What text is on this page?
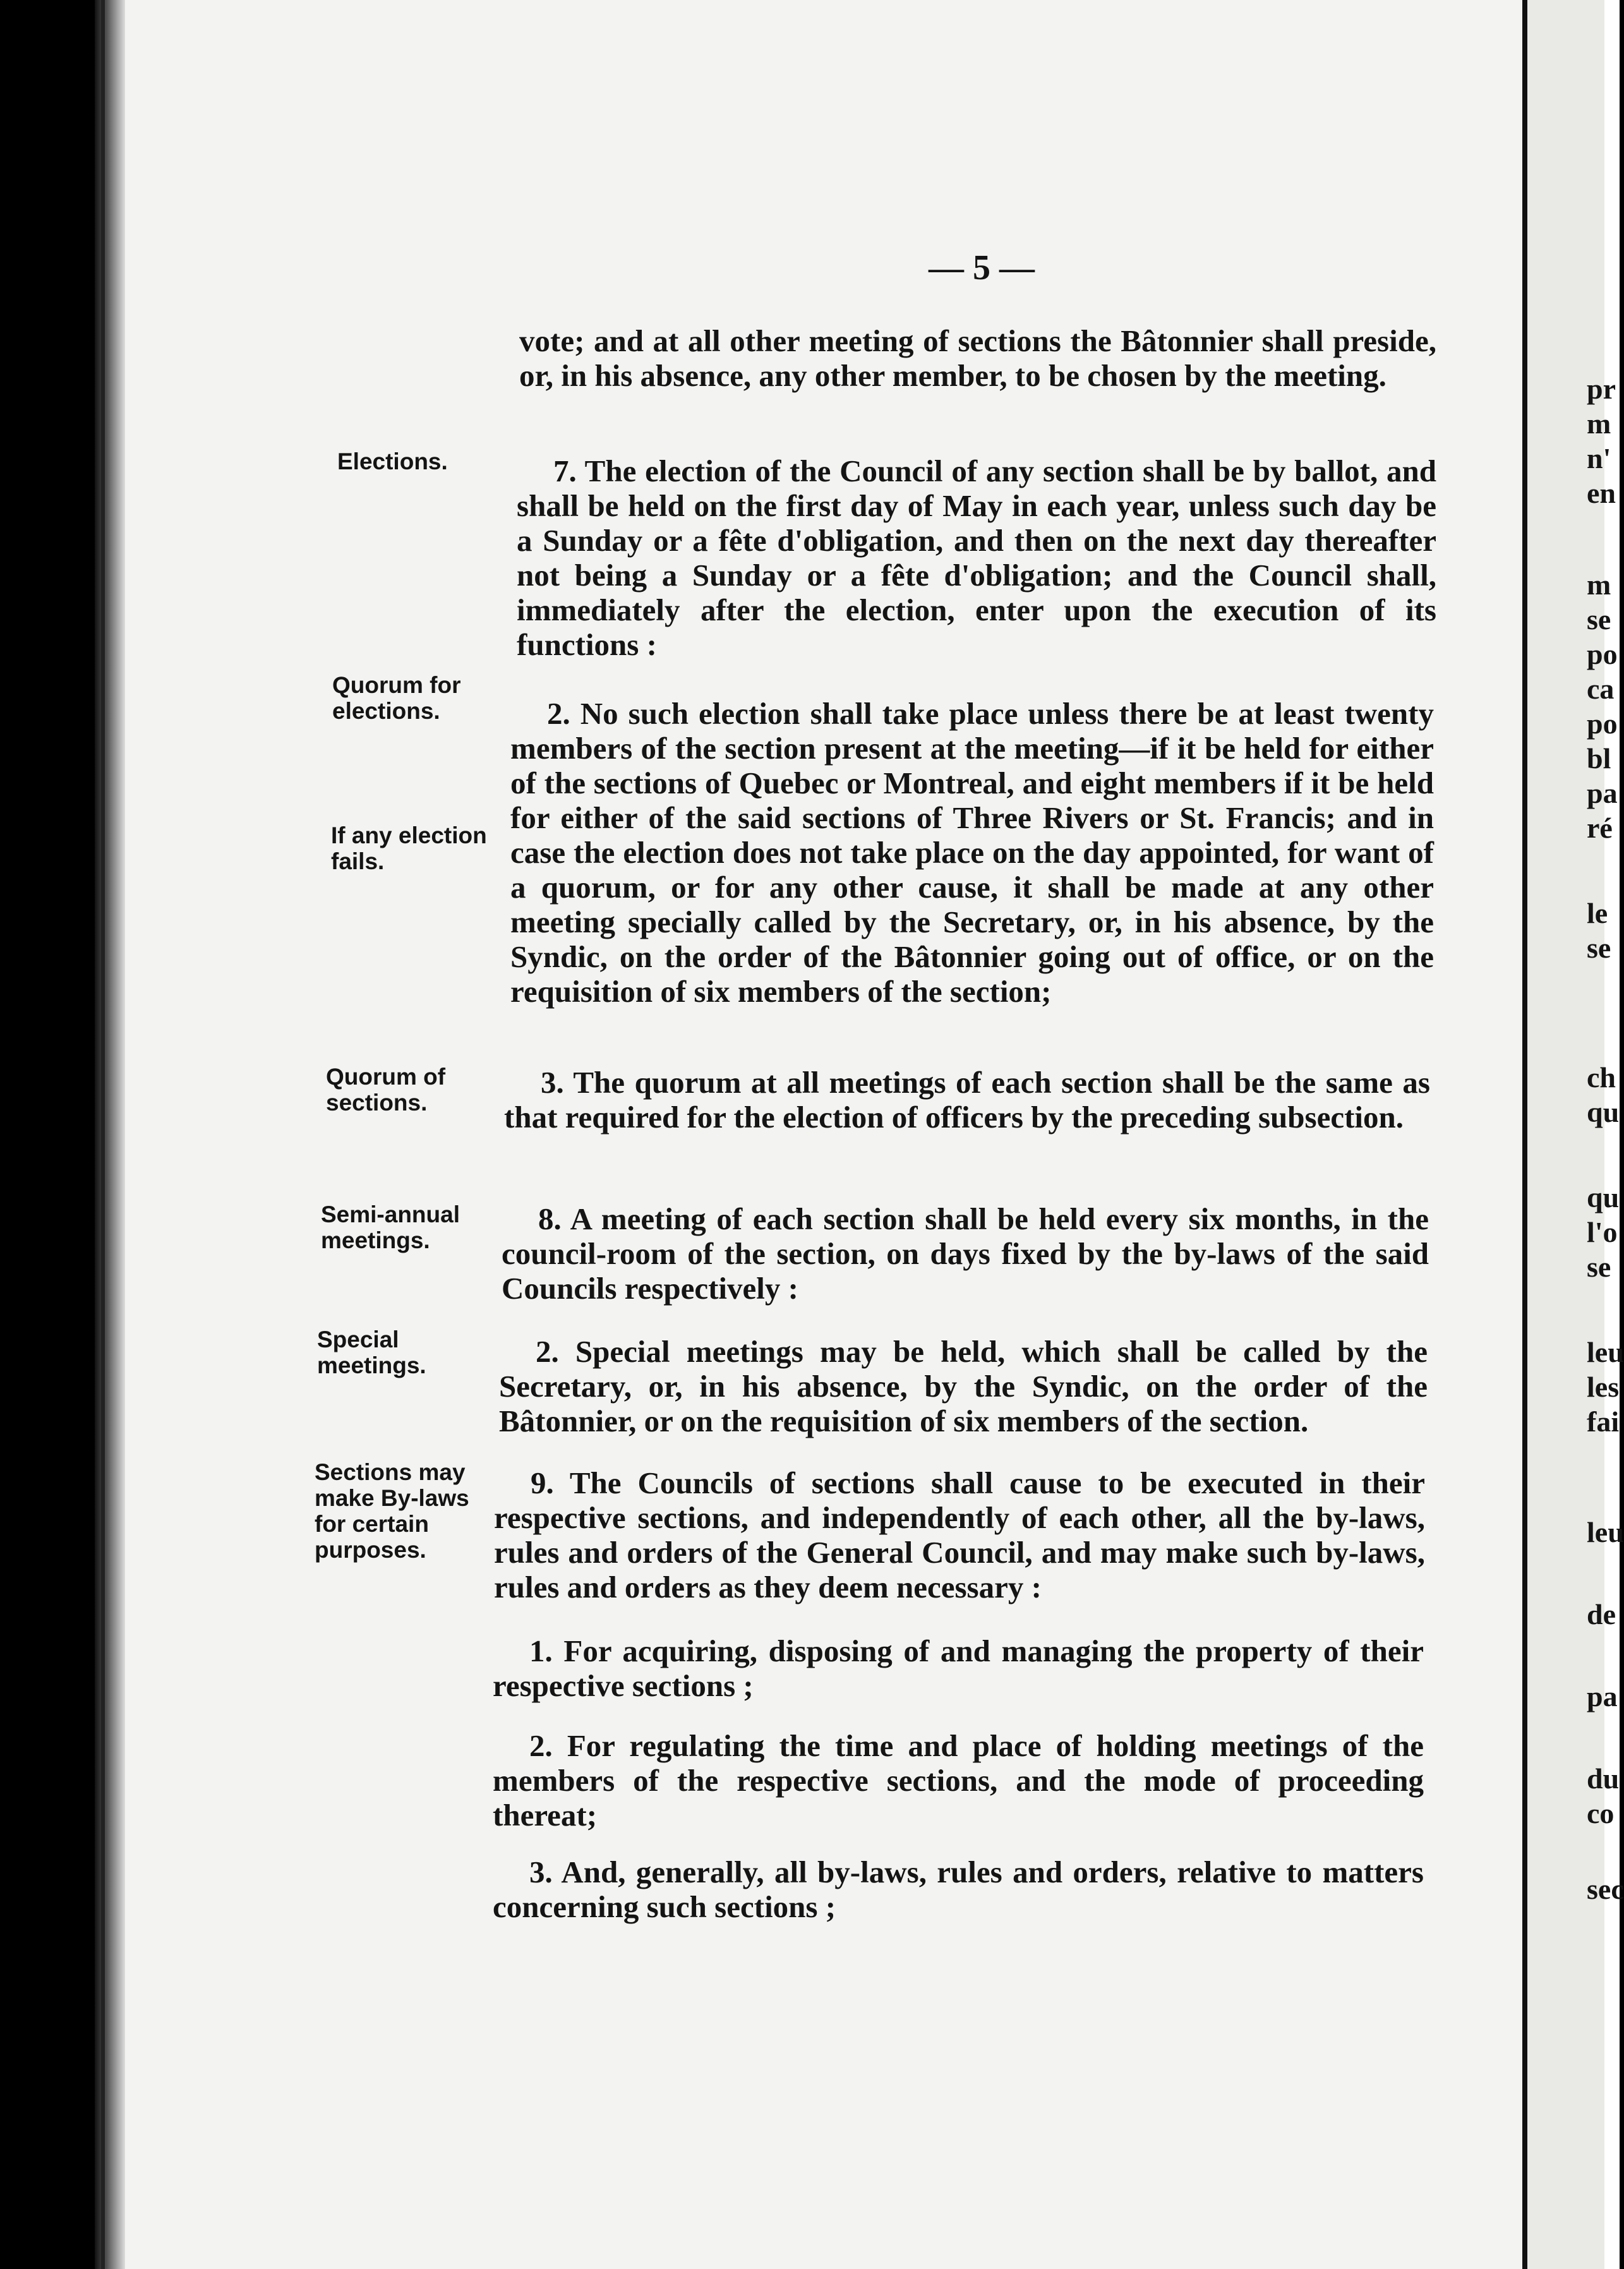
— 5 —

vote; and at all other meeting of sections the Bâtonnier shall preside, or, in his absence, any other member, to be chosen by the meeting.

7. The election of the Council of any section shall be by ballot, and shall be held on the first day of May in each year, unless such day be a Sunday or a fête d'obligation, and then on the next day thereafter not being a Sunday or a fête d'obligation; and the Council shall, immediately after the election, enter upon the execution of its functions :

2. No such election shall take place unless there be at least twenty members of the section present at the meeting—if it be held for either of the sections of Quebec or Montreal, and eight members if it be held for either of the said sections of Three Rivers or St. Francis; and in case the election does not take place on the day appointed, for want of a quorum, or for any other cause, it shall be made at any other meeting specially called by the Secretary, or, in his absence, by the Syndic, on the order of the Bâtonnier going out of office, or on the requisition of six members of the section;

3. The quorum at all meetings of each section shall be the same as that required for the election of officers by the preceding subsection.

8. A meeting of each section shall be held every six months, in the council-room of the section, on days fixed by the by-laws of the said Councils respectively :

2. Special meetings may be held, which shall be called by the Secretary, or, in his absence, by the Syndic, on the order of the Bâtonnier, or on the requisition of six members of the section.

9. The Councils of sections shall cause to be executed in their respective sections, and independently of each other, all the by-laws, rules and orders of the General Council, and may make such by-laws, rules and orders as they deem necessary :

1. For acquiring, disposing of and managing the property of their respective sections ;

2. For regulating the time and place of holding meetings of the members of the respective sections, and the mode of proceeding thereat;

3. And, generally, all by-laws, rules and orders, relative to matters concerning such sections ;

Elections.
Quorum for elections.
If any election fails.
Quorum of sections.
Semi-annual meetings.
Special meetings.
Sections may make By-laws for certain purposes.
pr
m
n'
en
m
se
po
ca
po
bl
pa
ré
le
se
ch
qu
qu
l'o
se
leu
les
fai
leu
de
pa
du
co
sec
